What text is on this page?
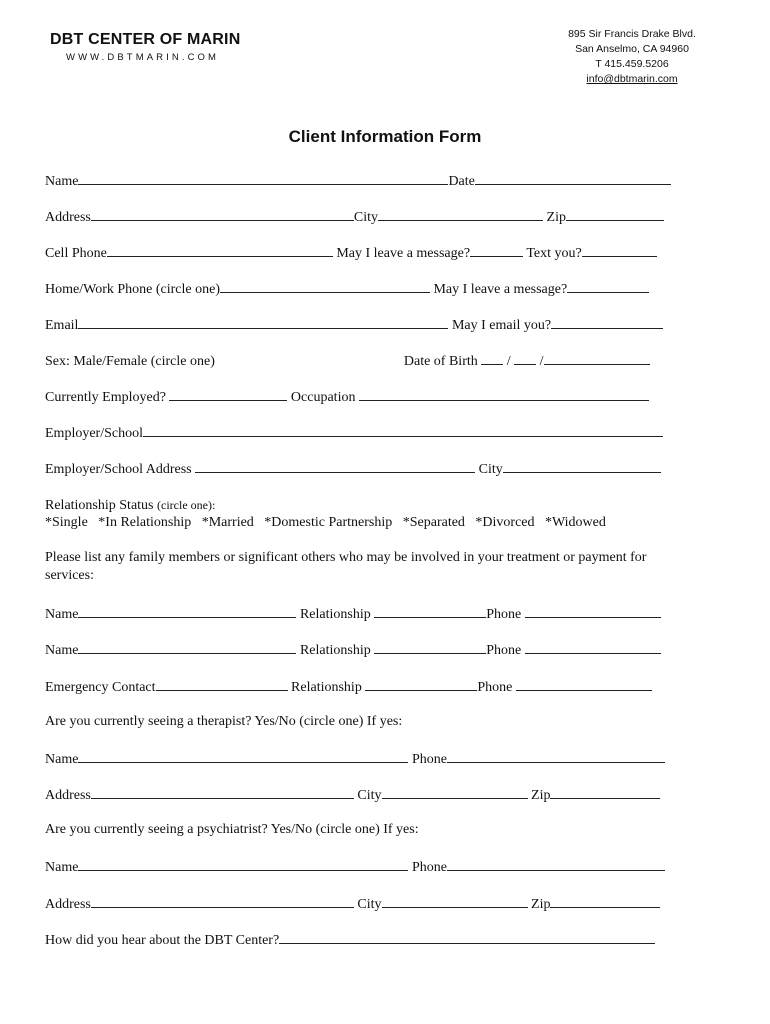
DBT CENTER OF MARIN
WWW.DBTMARIN.COM
895 Sir Francis Drake Blvd.
San Anselmo, CA 94960
T 415.459.5206
info@dbtmarin.com
Client Information Form
Name	Date
Address	City	Zip
Cell Phone	May I leave a message?	Text you?
Home/Work Phone (circle one)	May I leave a message?
Email	May I email you?
Sex: Male/Female (circle one)	Date of Birth / /
Currently Employed?	Occupation
Employer/School
Employer/School Address	City
Relationship Status (circle one):
*Single   *In Relationship   *Married   *Domestic Partnership   *Separated   *Divorced   *Widowed
Please list any family members or significant others who may be involved in your treatment or payment for
services:
Name	Relationship	Phone
Name	Relationship	Phone
Emergency Contact	Relationship	Phone
Are you currently seeing a therapist? Yes/No (circle one) If yes:
Name	Phone
Address	City	Zip
Are you currently seeing a psychiatrist? Yes/No (circle one) If yes:
Name	Phone
Address	City	Zip
How did you hear about the DBT Center?
